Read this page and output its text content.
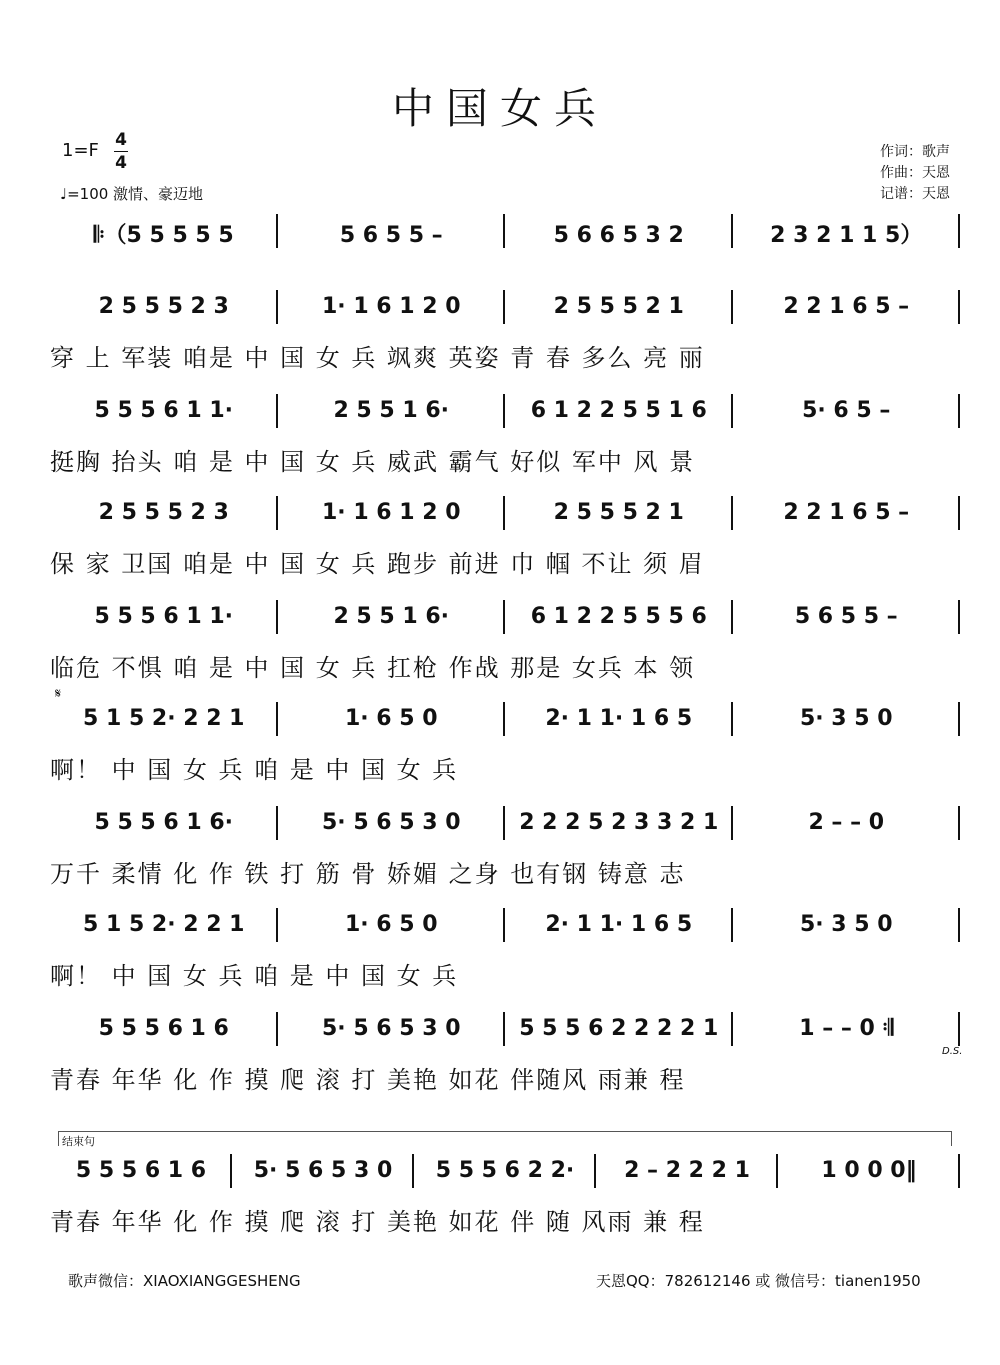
中国女兵
1=F 4
4
♩=100 激情、豪迈地
作词：歌声
作曲：天恩
记谱：天恩
𝄆（5 5 5 5 5	5 6 5 5 –	5 6 6 5 3 2	2 3 2 1 1 5）
2 5 5 5 2 3	1· 1 6 1 2 0	2 5 5 5 2 1	2 2 1 6 5 –
穿 上 军装 咱是 中 国 女 兵 飒爽 英姿 青 春 多么 亮 丽
5 5 5 6 1 1·	2 5 5 1 6·	6 1 2 2 5 5 1 6	5· 6 5 –
挺胸 抬头 咱 是 中 国 女 兵 威武 霸气 好似 军中 风 景
2 5 5 5 2 3	1· 1 6 1 2 0	2 5 5 5 2 1	2 2 1 6 5 –
保 家 卫国 咱是 中 国 女 兵 跑步 前进 巾 帼 不让 须 眉
5 5 5 6 1 1·	2 5 5 1 6·	6 1 2 2 5 5 5 6	5 6 5 5 –
临危 不惧 咱 是 中 国 女 兵 扛枪 作战 那是 女兵 本 领
5 1 5 2· 2 2 1	1· 6 5 0	2· 1 1· 1 6 5	5· 3 5 0
啊！ 中 国 女 兵 咱 是 中 国 女 兵
5 5 5 6 1 6·	5· 5 6 5 3 0	2 2 2 5 2 3 3 2 1	2 – – 0
万千 柔情 化 作 铁 打 筋 骨 娇媚 之身 也有钢 铸意 志
5 1 5 2· 2 2 1	1· 6 5 0	2· 1 1· 1 6 5	5· 3 5 0
啊！ 中 国 女 兵 咱 是 中 国 女 兵
5 5 5 6 1 6	5· 5 6 5 3 0	5 5 5 6 2 2 2 2 1	1 – – 0 𝄇
青春 年华 化 作 摸 爬 滚 打 美艳 如花 伴随风 雨兼 程
5 5 5 6 1 6 5· 5 6 5 3 0 5 5 5 6 2 2· 2 – 2 2 2 1	1 0 0 0‖
青春 年华 化 作 摸 爬 滚 打 美艳 如花 伴 随 风雨 兼 程
𝄋
D.S.
结束句
歌声微信：XIAOXIANGGESHENG	天恩QQ：782612146 或 微信号：tianen1950
